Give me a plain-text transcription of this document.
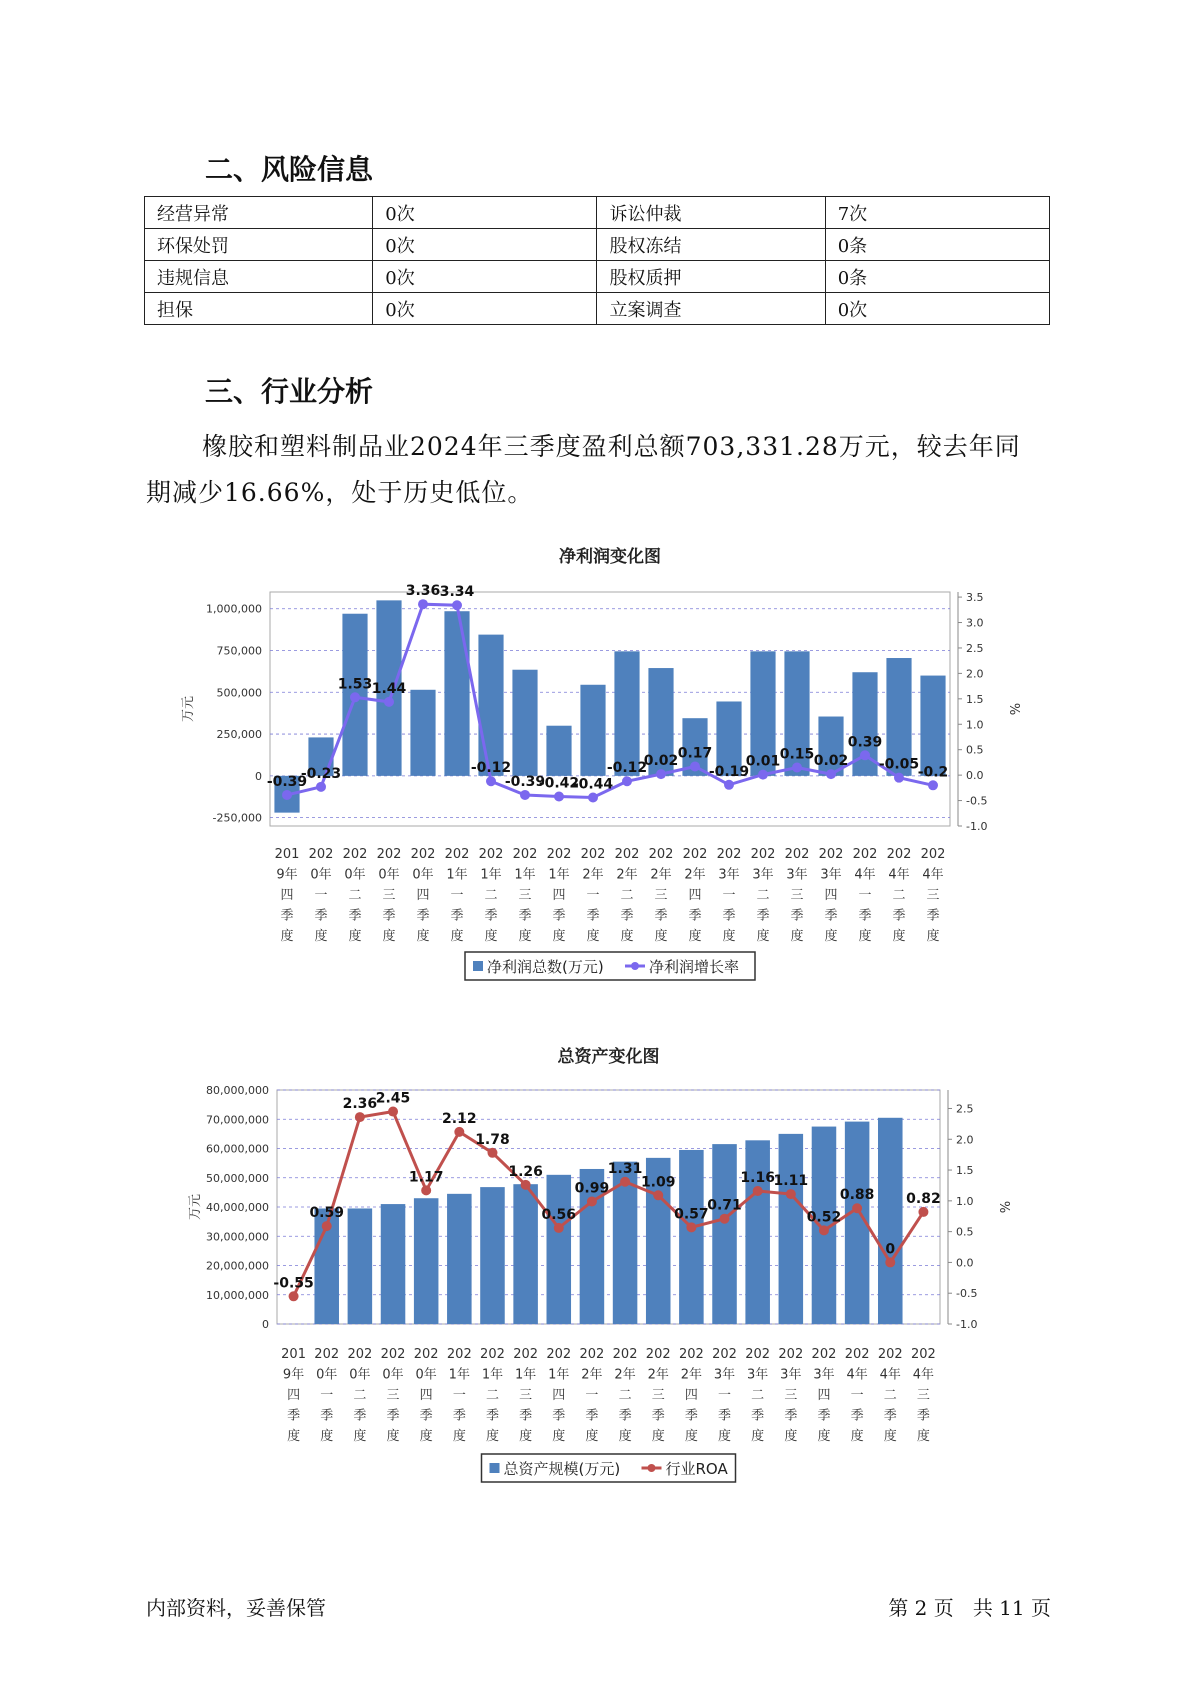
二、风险信息
经营异常	0次	诉讼仲裁	7次
环保处罚	0次	股权冻结	0条
违规信息	0次	股权质押	0条
担保	0次	立案调查	0次
三、行业分析

橡胶和塑料制品业2024年三季度盈利总额703,331.28万元，较去年同期减少16.66%，处于历史低位。

净利润变化图
-250,000
0
250,000
500,000
750,000
1,000,000
-1.0
-0.5
0.0
0.5
1.0
1.5
2.0
2.5
3.0
3.5
万元	%
-0.39
-0.23
1.53 1.44
3.36 3.34
-0.12
-0.39
-0.42
-0.44
-0.12
0.02 0.17
-0.19
0.01 0.15 0.02
0.39
-0.05
-0.2
201 9年四季度
202 0年一季度
202 0年二季度
202 0年三季度
202 0年四季度
202 1年一季度
202 1年二季度
202 1年三季度
202 1年四季度
202 2年一季度
202 2年二季度
202 2年三季度
202 2年四季度
202 3年一季度
202 3年二季度
202 3年三季度
202 3年四季度
202 4年一季度
202 4年二季度
202 4年三季度
净利润总数(万元)	净利润增长率
总资产变化图
0
10,000,000
20,000,000
30,000,000
40,000,000
50,000,000
60,000,000
70,000,000
80,000,000
-1.0
-0.5
0.0
0.5
1.0
1.5
2.0
2.5
万元	%
-0.55
0.59
2.36
2.45
1.17
2.12
1.78
1.26
0.56
0.99
1.31
1.09
0.57
0.71
1.16
1.11
0.52
0.88
0
0.82
201 9年四季度
202 0年一季度
202 0年二季度
202 0年三季度
202 0年四季度
202 1年一季度
202 1年二季度
202 1年三季度
202 1年四季度
202 2年一季度
202 2年二季度
202 2年三季度
202 2年四季度
202 3年一季度
202 3年二季度
202 3年三季度
202 3年四季度
202 4年一季度
202 4年二季度
202 4年三季度
总资产规模(万元)	行业ROA
内部资料，妥善保管	第 2 页   共 11 页
